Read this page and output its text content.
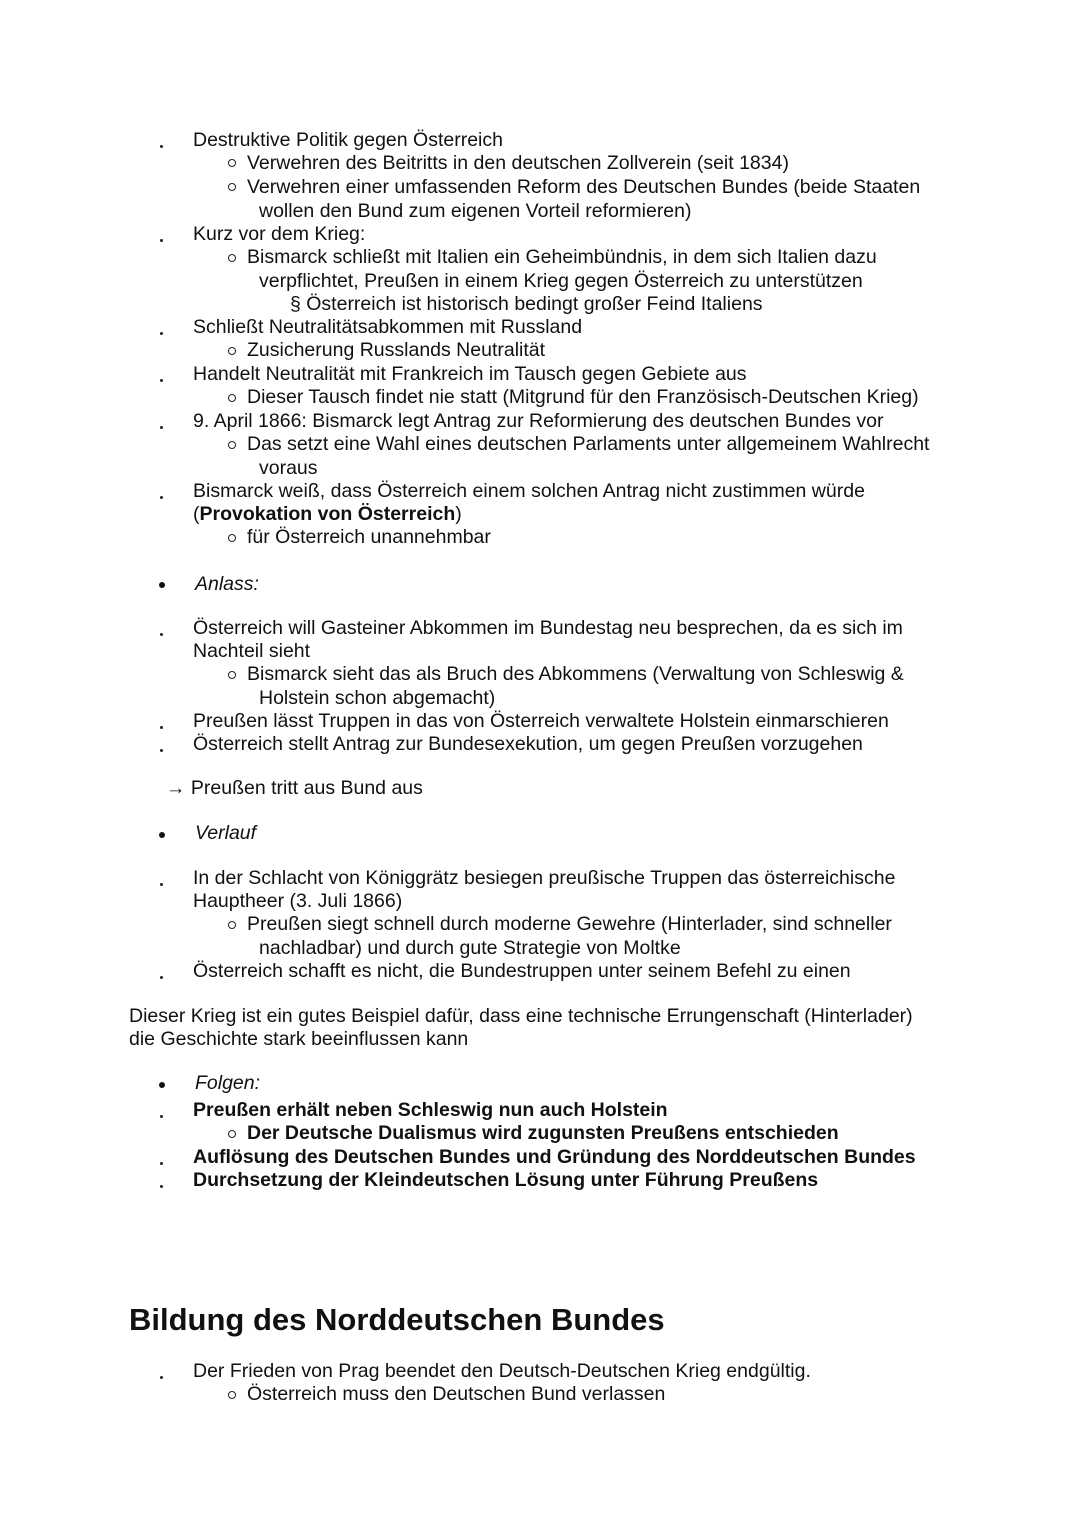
Destruktive Politik gegen Österreich
Verwehren des Beitritts in den deutschen Zollverein (seit 1834)
Verwehren einer umfassenden Reform des Deutschen Bundes (beide Staaten
wollen den Bund zum eigenen Vorteil reformieren)
Kurz vor dem Krieg:
Bismarck schließt mit Italien ein Geheimbündnis, in dem sich Italien dazu
verpflichtet, Preußen in einem Krieg gegen Österreich zu unterstützen
§ Österreich ist historisch bedingt großer Feind Italiens
Schließt Neutralitätsabkommen mit Russland
Zusicherung Russlands Neutralität
Handelt Neutralität mit Frankreich im Tausch gegen Gebiete aus
Dieser Tausch findet nie statt (Mitgrund für den Französisch-Deutschen Krieg)
9. April 1866: Bismarck legt Antrag zur Reformierung des deutschen Bundes vor
Das setzt eine Wahl eines deutschen Parlaments unter allgemeinem Wahlrecht
voraus
Bismarck weiß, dass Österreich einem solchen Antrag nicht zustimmen würde
(Provokation von Österreich)
für Österreich unannehmbar
Anlass:
Österreich will Gasteiner Abkommen im Bundestag neu besprechen, da es sich im
Nachteil sieht
Bismarck sieht das als Bruch des Abkommens (Verwaltung von Schleswig &
Holstein schon abgemacht)
Preußen lässt Truppen in das von Österreich verwaltete Holstein einmarschieren
Österreich stellt Antrag zur Bundesexekution, um gegen Preußen vorzugehen
→ Preußen tritt aus Bund aus
Verlauf
In der Schlacht von Königgrätz besiegen preußische Truppen das österreichische
Hauptheer (3. Juli 1866)
Preußen siegt schnell durch moderne Gewehre (Hinterlader, sind schneller
nachladbar) und durch gute Strategie von Moltke
Österreich schafft es nicht, die Bundestruppen unter seinem Befehl zu einen
Dieser Krieg ist ein gutes Beispiel dafür, dass eine technische Errungenschaft (Hinterlader)
die Geschichte stark beeinflussen kann
Folgen:
Preußen erhält neben Schleswig nun auch Holstein
Der Deutsche Dualismus wird zugunsten Preußens entschieden
Auflösung des Deutschen Bundes und Gründung des Norddeutschen Bundes
Durchsetzung der Kleindeutschen Lösung unter Führung Preußens
Bildung des Norddeutschen Bundes
Der Frieden von Prag beendet den Deutsch-Deutschen Krieg endgültig.
Österreich muss den Deutschen Bund verlassen
